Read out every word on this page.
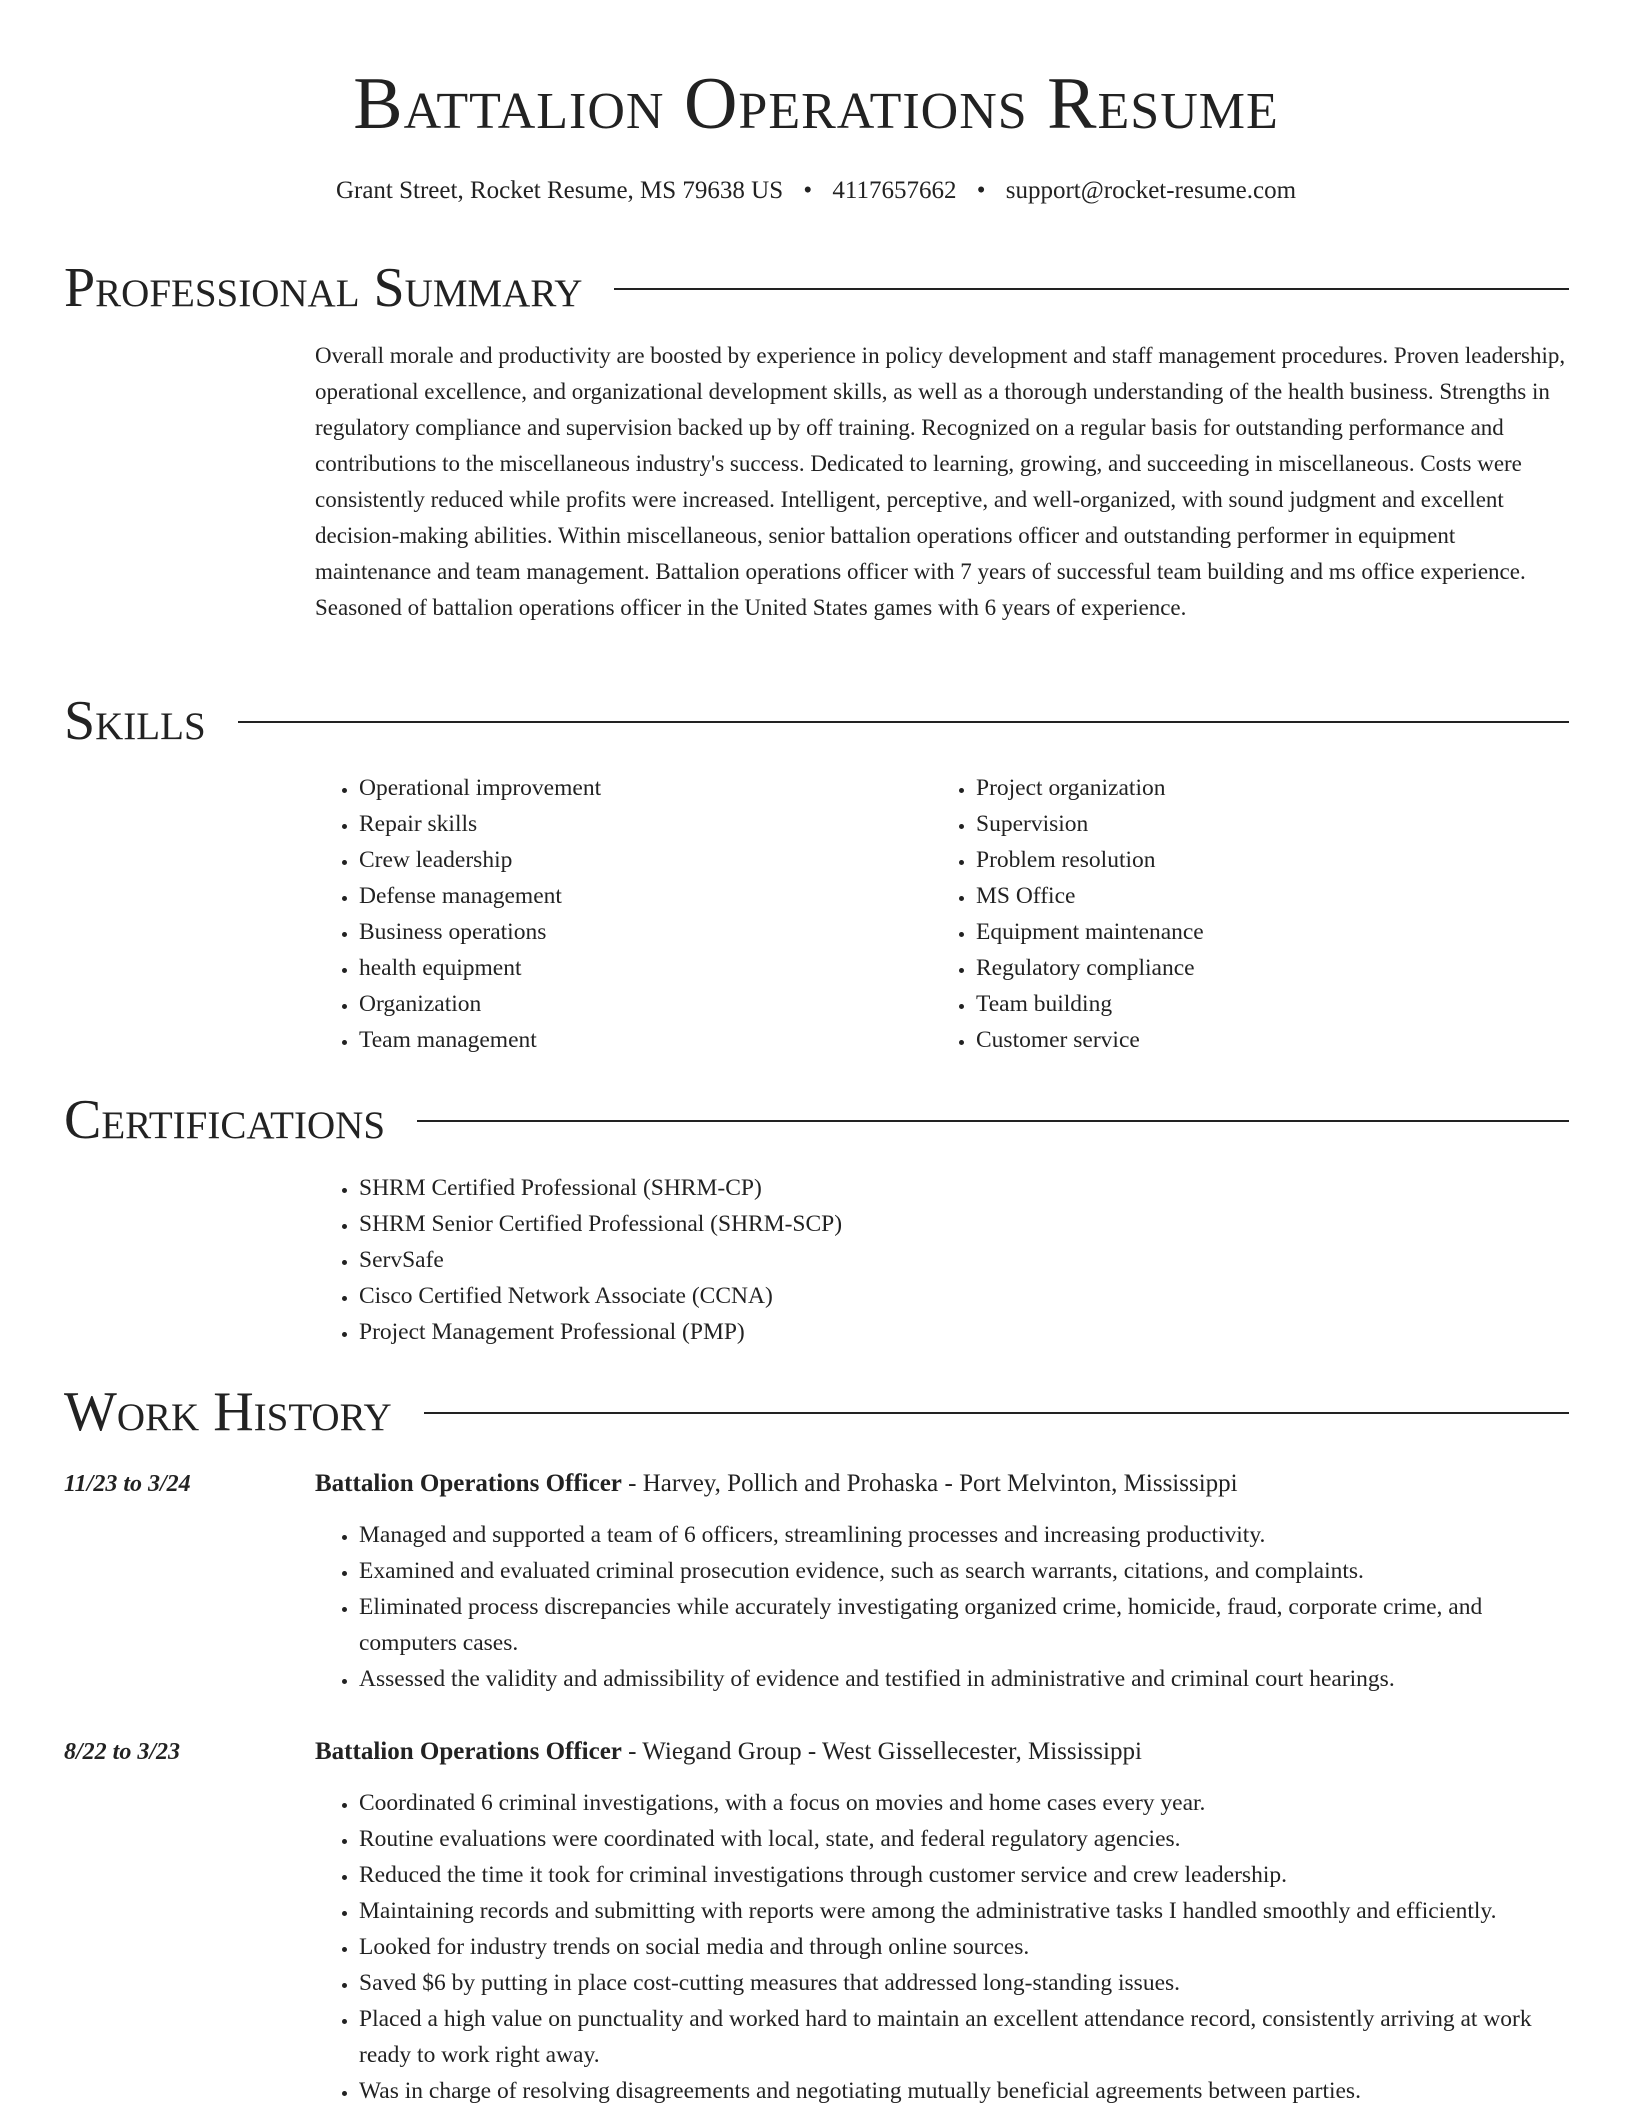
Battalion Operations Resume
Grant Street, Rocket Resume, MS 79638 US • 4117657662 • support@rocket-resume.com
Professional Summary

Overall morale and productivity are boosted by experience in policy development and staff management procedures. Proven leadership, operational excellence, and organizational development skills, as well as a thorough understanding of the health business. Strengths in regulatory compliance and supervision backed up by off training. Recognized on a regular basis for outstanding performance and contributions to the miscellaneous industry's success. Dedicated to learning, growing, and succeeding in miscellaneous. Costs were consistently reduced while profits were increased. Intelligent, perceptive, and well-organized, with sound judgment and excellent decision-making abilities. Within miscellaneous, senior battalion operations officer and outstanding performer in equipment maintenance and team management. Battalion operations officer with 7 years of successful team building and ms office experience. Seasoned of battalion operations officer in the United States games with 6 years of experience.

Skills
• Operational improvement
• Repair skills
• Crew leadership
• Defense management
• Business operations
• health equipment
• Organization
• Team management
• Project organization
• Supervision
• Problem resolution
• MS Office
• Equipment maintenance
• Regulatory compliance
• Team building
• Customer service
Certifications
• SHRM Certified Professional (SHRM-CP)
• SHRM Senior Certified Professional (SHRM-SCP)
• ServSafe
• Cisco Certified Network Associate (CCNA)
• Project Management Professional (PMP)
Work History
11/23 to 3/24	Battalion Operations Officer - Harvey, Pollich and Prohaska - Port Melvinton, Mississippi
• Managed and supported a team of 6 officers, streamlining processes and increasing productivity.
• Examined and evaluated criminal prosecution evidence, such as search warrants, citations, and complaints.
• Eliminated process discrepancies while accurately investigating organized crime, homicide, fraud, corporate crime, and computers cases.
• Assessed the validity and admissibility of evidence and testified in administrative and criminal court hearings.
8/22 to 3/23	Battalion Operations Officer - Wiegand Group - West Gissellecester, Mississippi
• Coordinated 6 criminal investigations, with a focus on movies and home cases every year.
• Routine evaluations were coordinated with local, state, and federal regulatory agencies.
• Reduced the time it took for criminal investigations through customer service and crew leadership.
• Maintaining records and submitting with reports were among the administrative tasks I handled smoothly and efficiently.
• Looked for industry trends on social media and through online sources.
• Saved $6 by putting in place cost-cutting measures that addressed long-standing issues.
• Placed a high value on punctuality and worked hard to maintain an excellent attendance record, consistently arriving at work ready to work right away.
• Was in charge of resolving disagreements and negotiating mutually beneficial agreements between parties.
